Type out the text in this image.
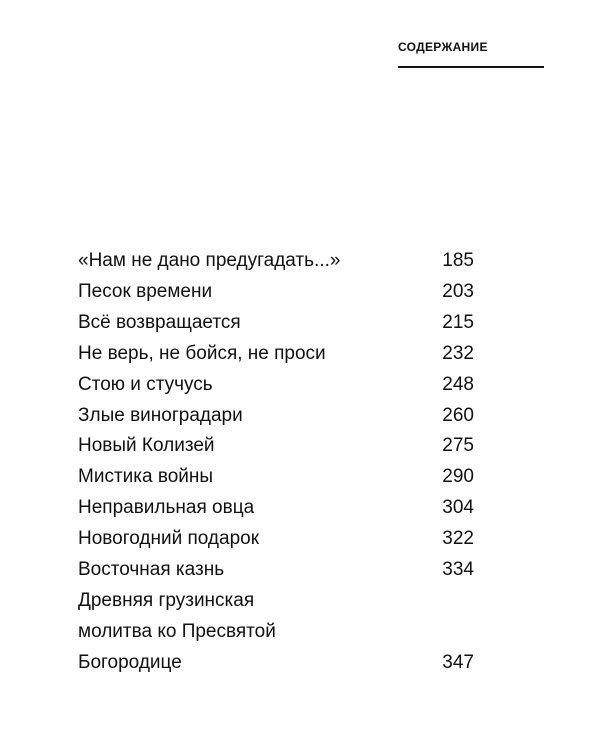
СОДЕРЖАНИЕ
«Нам не дано предугадать...»	185
Песок времени	203
Всё возвращается	215
Не верь, не бойся, не проси	232
Стою и стучусь	248
Злые виноградари	260
Новый Колизей	275
Мистика войны	290
Неправильная овца	304
Новогодний подарок	322
Восточная казнь	334
Древняя грузинская
молитва ко Пресвятой
Богородице	347
